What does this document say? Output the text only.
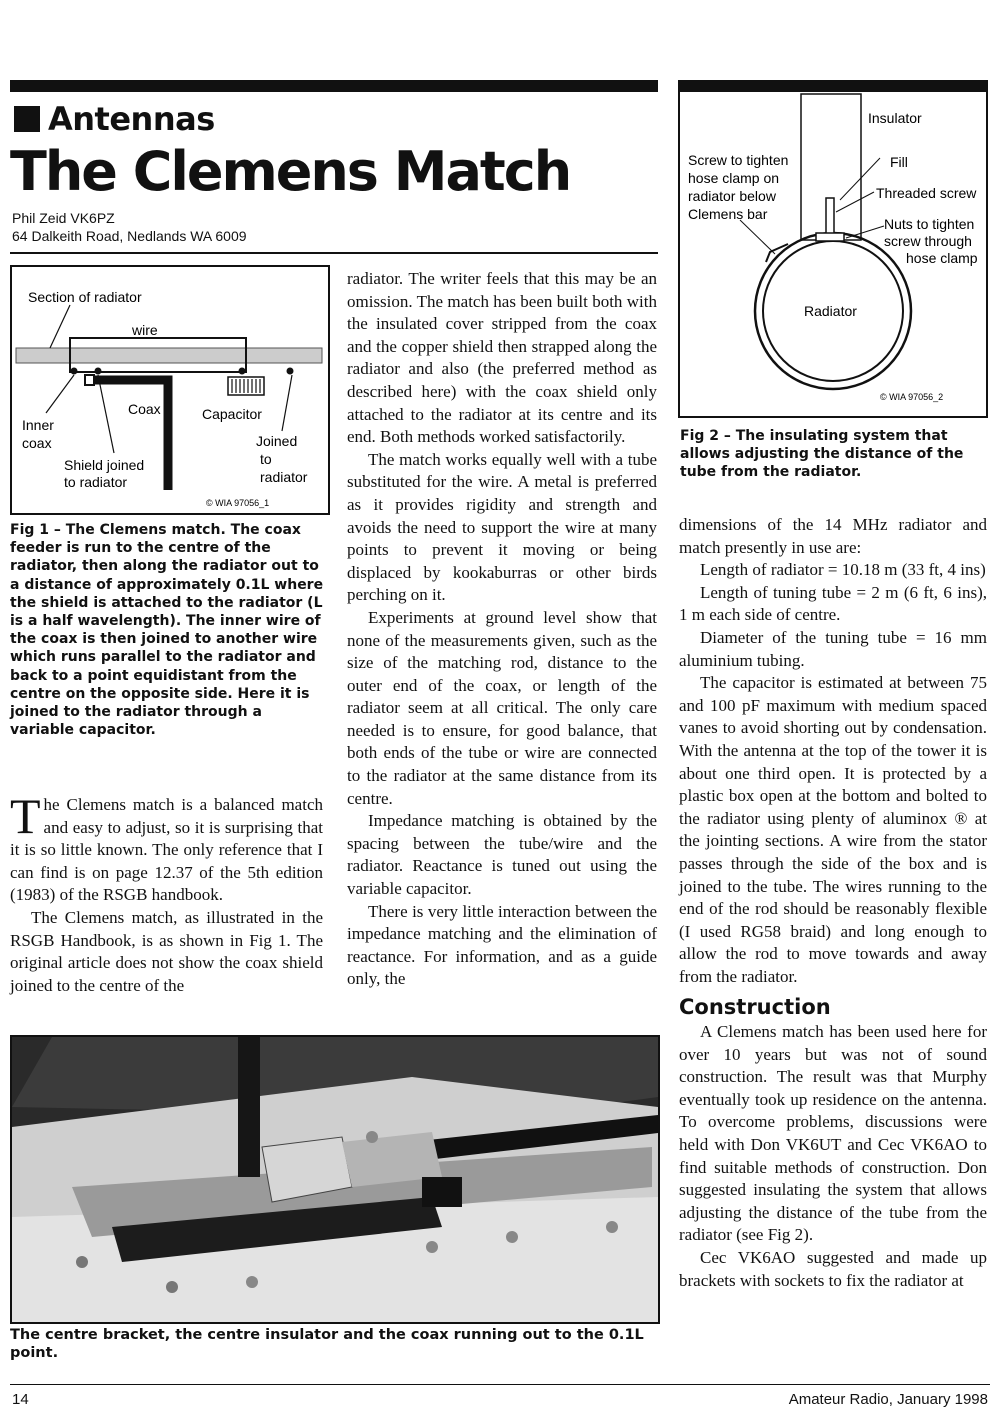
Antennas
The Clemens Match
Phil Zeid VK6PZ
64 Dalkeith Road, Nedlands WA 6009
Section of radiator
wire
Coax	Capacitor
Inner
coax
Shield joined
to radiator
Joined
to
radiator
© WIA 97056_1
Fig 1 – The Clemens match. The coax feeder is run to the centre of the radiator, then along the radiator out to a distance of approximately 0.1L where the shield is attached to the radiator (L is a half wavelength). The inner wire of the coax is then joined to another wire which runs parallel to the radiator and back to a point equidistant from the centre on the opposite side. Here it is joined to the radiator through a variable capacitor.

The Clemens match is a balanced match and easy to adjust, so it is surprising that it is so little known. The only reference that I can find is on page 12.37 of the 5th edition (1983) of the RSGB handbook.

The Clemens match, as illustrated in the RSGB Handbook, is as shown in Fig 1. The original article does not show the coax shield joined to the centre of the

radiator. The writer feels that this may be an omission. The match has been built both with the insulated cover stripped from the coax and the copper shield then strapped along the radiator and also (the preferred method as described here) with the coax shield only attached to the radiator at its centre and its end. Both methods worked satisfactorily.

The match works equally well with a tube substituted for the wire. A metal is preferred as it provides rigidity and strength and avoids the need to support the wire at many points to prevent it moving or being displaced by kookaburras or other birds perching on it.

Experiments at ground level show that none of the measurements given, such as the size of the matching rod, distance to the outer end of the coax, or length of the radiator seem at all critical. The only care needed is to ensure, for good balance, that both ends of the tube or wire are connected to the radiator at the same distance from its centre.

Impedance matching is obtained by the spacing between the tube/wire and the radiator. Reactance is tuned out using the variable capacitor.

There is very little interaction between the impedance matching and the elimination of reactance. For information, and as a guide only, the

Insulator
Screw to tighten
hose clamp on
radiator below
Clemens bar
Fill
Threaded screw
Nuts to tighten
screw through
hose clamp
Radiator
© WIA 97056_2
Fig 2 – The insulating system that allows adjusting the distance of the tube from the radiator.

dimensions of the 14 MHz radiator and match presently in use are:

Length of radiator = 10.18 m (33 ft, 4 ins)

Length of tuning tube = 2 m (6 ft, 6 ins), 1 m each side of centre.

Diameter of the tuning tube = 16 mm aluminium tubing.

The capacitor is estimated at between 75 and 100 pF maximum with medium spaced vanes to avoid shorting out by condensation. With the antenna at the top of the tower it is about one third open. It is protected by a plastic box open at the bottom and bolted to the radiator using plenty of aluminox ® at the jointing sections. A wire from the stator passes through the side of the box and is joined to the tube. The wires running to the end of the rod should be reasonably flexible (I used RG58 braid) and long enough to allow the rod to move towards and away from the radiator.

Construction

A Clemens match has been used here for over 10 years but was not of sound construction. The result was that Murphy eventually took up residence on the antenna. To overcome problems, discussions were held with Don VK6UT and Cec VK6AO to find suitable methods of construction. Don suggested insulating the system that allows adjusting the distance of the tube from the radiator (see Fig 2).

Cec VK6AO suggested and made up brackets with sockets to fix the radiator at

The centre bracket, the centre insulator and the coax running out to the 0.1L point.
14	Amateur Radio, January 1998
